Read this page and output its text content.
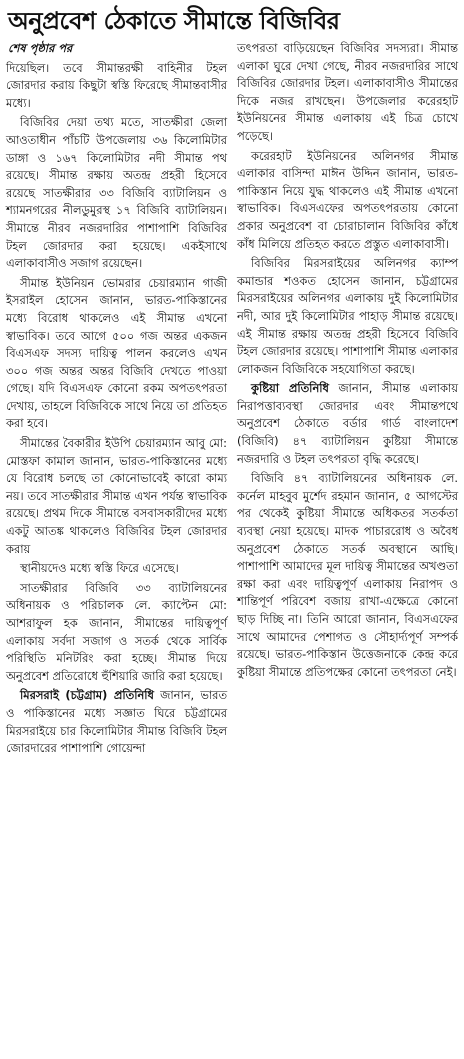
অনুপ্রবেশ ঠেকাতে সীমান্তে বিজিবির
শেষ পৃষ্ঠার পর

দিয়েছিল। তবে সীমান্তরক্ষী বাহিনীর টহল জোরদার করায় কিছুটা স্বস্তি ফিরেছে সীমান্তবাসীর মধ্যে।

বিজিবির দেয়া তথ্য মতে, সাতক্ষীরা জেলা আওতাধীন পাঁচটি উপজেলায় ৩৬ কিলোমিটার ডাঙ্গা ও ১৬৭ কিলোমিটার নদী সীমান্ত পথ রয়েছে। সীমান্ত রক্ষায় অতন্দ্র প্রহরী হিসেবে রয়েছে সাতক্ষীরার ৩৩ বিজিবি ব্যাটালিয়ন ও শ্যামনগরের নীলডুমুরস্থ ১৭ বিজিবি ব্যাটালিয়ন। সীমান্তে নীরব নজরদারির পাশাপাশি বিজিবির টহল জোরদার করা হয়েছে। একইসাথে এলাকাবাসীও সজাগ রয়েছেন।

সীমান্ত ইউনিয়ন ভোমরার চেয়ারম্যান গাজী ইসরাইল হোসেন জানান, ভারত-পাকিস্তানের মধ্যে বিরোধ থাকলেও এই সীমান্ত এখনো স্বাভাবিক। তবে আগে ৫০০ গজ অন্তর একজন বিএসএফ সদস্য দায়িত্ব পালন করলেও এখন ৩০০ গজ অন্তর অন্তর বিজিবি দেখতে পাওয়া গেছে। যদি বিএসএফ কোনো রকম অপতৎপরতা দেখায়, তাহলে বিজিবিকে সাথে নিয়ে তা প্রতিহত করা হবে।

সীমান্তের বৈকারীর ইউপি চেয়ারম্যান আবু মো: মোস্তফা কামাল জানান, ভারত-পাকিস্তানের মধ্যে যে বিরোধ চলছে তা কোনোভাবেই কারো কাম্য নয়। তবে সাতক্ষীরার সীমান্ত এখন পর্যন্ত স্বাভাবিক রয়েছে। প্রথম দিকে সীমান্তে বসবাসকারীদের মধ্যে একটু আতঙ্ক থাকলেও বিজিবির টহল জোরদার করায়

স্থানীয়দেও মধ্যে স্বস্তি ফিরে এসেছে।

সাতক্ষীরার বিজিবি ৩৩ ব্যাটালিয়নের অধিনায়ক ও পরিচালক লে. ক্যাপ্টেন মো: আশরাফুল হক জানান, সীমান্তের দায়িত্বপূর্ণ এলাকায় সর্বদা সজাগ ও সতর্ক থেকে সার্বিক পরিস্থিতি মনিটরিং করা হচ্ছে। সীমান্ত দিয়ে অনুপ্রবেশ প্রতিরোধে হুঁশিয়ারি জারি করা হয়েছে।

মিরসরাই (চট্টগ্রাম) প্রতিনিধি জানান, ভারত ও পাকিস্তানের মধ্যে সজ্ঞাত ঘিরে চট্টগ্রামের মিরসরাইয়ে চার কিলোমিটার সীমান্ত বিজিবি টহল জোরদারের পাশাপাশি গোয়েন্দা

তৎপরতা বাড়িয়েছেন বিজিবির সদস্যরা। সীমান্ত এলাকা ঘুরে দেখা গেছে, নীরব নজরদারির সাথে বিজিবির জোরদার টহল। এলাকাবাসীও সীমান্তের দিকে নজর রাখছেন। উপজেলার করেরহাট ইউনিয়নের সীমান্ত এলাকায় এই চিত্র চোখে পড়েছে।

করেরহাট ইউনিয়নের অলিনগর সীমান্ত এলাকার বাসিন্দা মাঈন উদ্দিন জানান, ভারত-পাকিস্তান নিয়ে যুদ্ধ থাকলেও এই সীমান্ত এখনো স্বাভাবিক। বিএসএফের অপতৎপরতায় কোনো প্রকার অনুপ্রবেশ বা চোরাচালান বিজিবির কাঁধে কাঁধ মিলিয়ে প্রতিহত করতে প্রস্তুত এলাকাবাসী।

বিজিবির মিরসরাইয়ের অলিনগর ক্যাম্প কমান্ডার শওকত হোসেন জানান, চট্টগ্রামের মিরসরাইয়ের অলিনগর এলাকায় দুই কিলোমিটার নদী, আর দুই কিলোমিটার পাহাড় সীমান্ত রয়েছে। এই সীমান্ত রক্ষায় অতন্দ্র প্রহরী হিসেবে বিজিবি টহল জোরদার রয়েছে। পাশাপাশি সীমান্ত এলাকার লোকজন বিজিবিকে সহযোগিতা করছে।

কুষ্টিয়া প্রতিনিধি জানান, সীমান্ত এলাকায় নিরাপত্তাব্যবস্থা জোরদার এবং সীমান্তপথে অনুপ্রবেশ ঠেকাতে বর্ডার গার্ড বাংলাদেশ (বিজিবি) ৪৭ ব্যাটালিয়ন কুষ্টিয়া সীমান্তে নজরদারি ও টহল তৎপরতা বৃদ্ধি করেছে।

বিজিবি ৪৭ ব্যাটালিয়নের অধিনায়ক লে. কর্নেল মাহবুব মুর্শেদ রহমান জানান, ৫ আগস্টের পর থেকেই কুষ্টিয়া সীমান্তে অধিকতর সতর্কতা ব্যবস্থা নেয়া হয়েছে। মাদক পাচাররোধ ও অবৈধ অনুপ্রবেশ ঠেকাতে সতর্ক অবস্থানে আছি। পাশাপাশি আমাদের মূল দায়িত্ব সীমান্তের অখণ্ডতা রক্ষা করা এবং দায়িত্বপূর্ণ এলাকায় নিরাপদ ও শান্তিপূর্ণ পরিবেশ বজায় রাখা-এক্ষেত্রে কোনো ছাড় দিচ্ছি না। তিনি আরো জানান, বিএসএফের সাথে আমাদের পেশাগত ও সৌহার্দ্যপূর্ণ সম্পর্ক রয়েছে। ভারত-পাকিস্তান উত্তেজনাকে কেন্দ্র করে কুষ্টিয়া সীমান্তে প্রতিপক্ষের কোনো তৎপরতা নেই।
